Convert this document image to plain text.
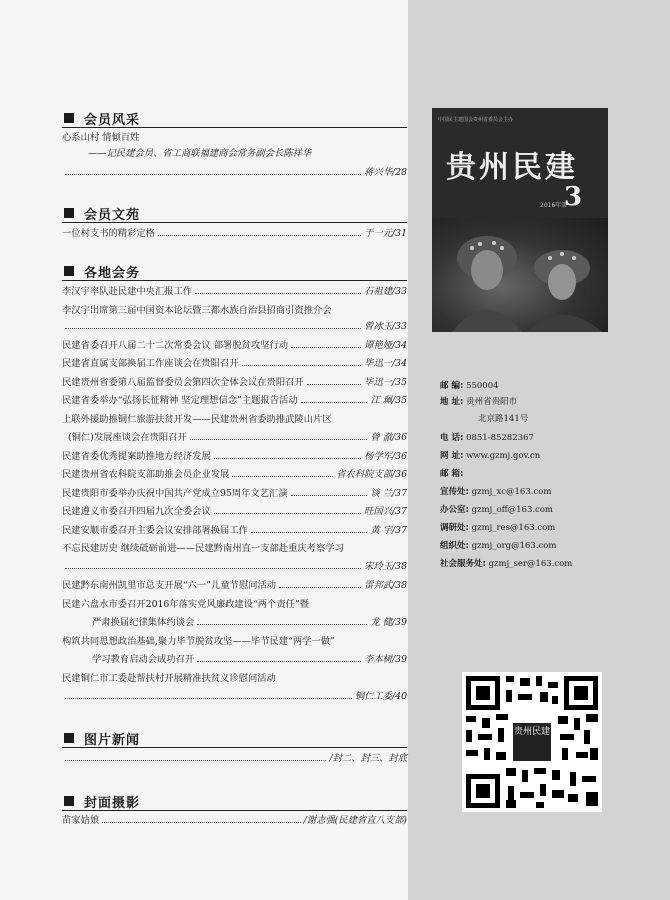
会员风采
心系山村 情倾百姓
——记民建会员、省工商联福建商会常务副会长陈祥华
蒋兴华/28
会员文苑
一位村支书的精彩定格	于一元/31
各地会务
李汉宇率队赴民建中央汇报工作	石祖建/33
李汉宇出席第三届中国资本论坛暨三都水族自治县招商引资推介会
曾冰玉/33
民建省委召开八届二十二次常委会议 部署脱贫攻坚行动	谭艳娅/34
民建省直属支部换届工作座谈会在贵阳召开	毕迅一/34
民建贵州省委第八届监督委员会第四次全体会议在贵阳召开	毕迅一/35
民建省委举办“弘扬长征精神 坚定理想信念”主题报告活动	江 珮/35
上联外援助推铜仁旅游扶贫开发——民建贵州省委助推武陵山片区
(铜仁)发展座谈会在贵阳召开	曾 澈/36
民建省委优秀提案助推地方经济发展	杨学军/36
民建贵州省农科院支部助推会员企业发展	省农科院支部/36
民建贵阳市委举办庆祝中国共产党成立95周年文艺汇演	谈 兰/37
民建遵义市委召开四届九次全委会议	旺国兴/37
民建安顺市委召开主委会议安排部署换届工作	黄 宇/37
不忘民建历史 继续砥砺前进——民建黔南州直一支部赴重庆考察学习
宋玲玉/38
民建黔东南州凯里市总支开展“六一”儿童节慰问活动	雷邦武/38
民建六盘水市委召开2016年落实党风廉政建设“两个责任”暨
严肃换届纪律集体约谈会	龙 健/39
构筑共同思想政治基础,聚力毕节脱贫攻坚——毕节民建“两学一做”
学习教育启动会成功召开	李本树/39
民建铜仁市工委赴帮扶村开展精准扶贫义诊慰问活动
铜仁工委/40
图片新闻
/封二、封三、封底
封面摄影
苗家姑娘	/谢志强(民建省直八支部)
中国民主建国会贵州省委员会主办
贵州民建
2016年第
3
邮 编: 550004
地 址: 贵州省贵阳市
北京路141号
电 话: 0851-85282367
网 址: www.gzmj.gov.cn
邮 箱:
宣传处: gzmj_xc@163.com
办公室: gzmj_off@163.com
调研处: gzmj_res@163.com
组织处: gzmj_org@163.com
社会服务处: gzmj_ser@163.com
贵州民建
